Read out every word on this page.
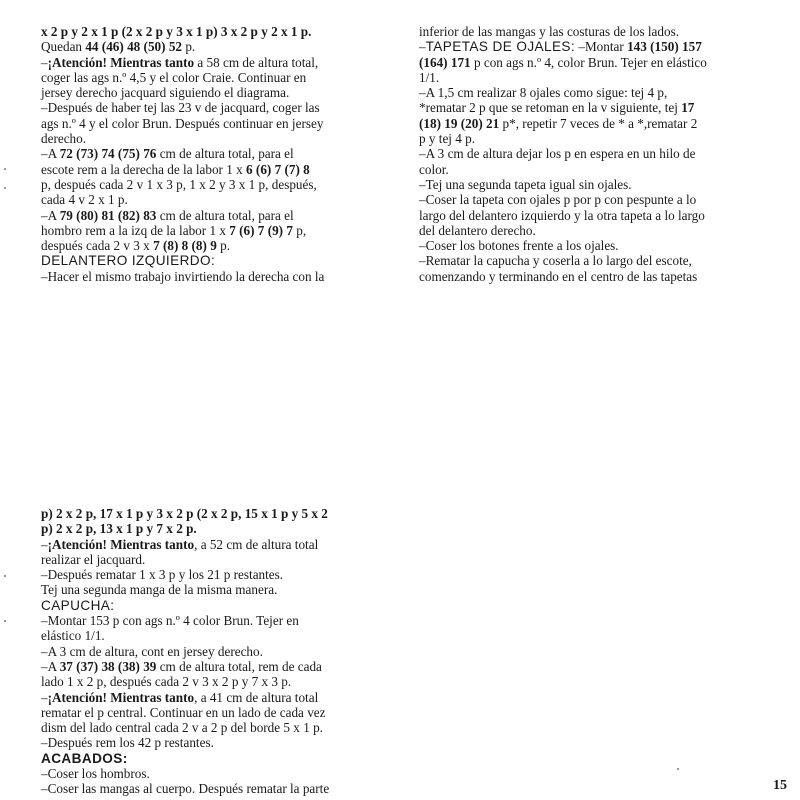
x 2 p y 2 x 1 p (2 x 2 p y 3 x 1 p) 3 x 2 p y 2 x 1 p.
Quedan 44 (46) 48 (50) 52 p.
–¡Atención! Mientras tanto a 58 cm de altura total,
coger las ags n.º 4,5 y el color Craie. Continuar en
jersey derecho jacquard siguiendo el diagrama.
–Después de haber tej las 23 v de jacquard, coger las
ags n.º 4 y el color Brun. Después continuar en jersey
derecho.
–A 72 (73) 74 (75) 76 cm de altura total, para el
escote rem a la derecha de la labor 1 x 6 (6) 7 (7) 8
p, después cada 2 v 1 x 3 p, 1 x 2 y 3 x 1 p, después,
cada 4 v 2 x 1 p.
–A 79 (80) 81 (82) 83 cm de altura total, para el
hombro rem a la izq de la labor 1 x 7 (6) 7 (9) 7 p,
después cada 2 v 3 x 7 (8) 8 (8) 9 p.
DELANTERO IZQUIERDO:
–Hacer el mismo trabajo invirtiendo la derecha con la
inferior de las mangas y las costuras de los lados.
–TAPETAS DE OJALES: –Montar 143 (150) 157
(164) 171 p con ags n.º 4, color Brun. Tejer en elástico
1/1.
–A 1,5 cm realizar 8 ojales como sigue: tej 4 p,
*rematar 2 p que se retoman en la v siguiente, tej 17
(18) 19 (20) 21 p*, repetir 7 veces de * a *,rematar 2
p y tej 4 p.
–A 3 cm de altura dejar los p en espera en un hilo de
color.
–Tej una segunda tapeta igual sin ojales.
–Coser la tapeta con ojales p por p con pespunte a lo
largo del delantero izquierdo y la otra tapeta a lo largo
del delantero derecho.
–Coser los botones frente a los ojales.
–Rematar la capucha y coserla a lo largo del escote,
comenzando y terminando en el centro de las tapetas
p) 2 x 2 p, 17 x 1 p y 3 x 2 p (2 x 2 p, 15 x 1 p y 5 x 2
p) 2 x 2 p, 13 x 1 p y 7 x 2 p.
–¡Atención! Mientras tanto, a 52 cm de altura total
realizar el jacquard.
–Después rematar 1 x 3 p y los 21 p restantes.
Tej una segunda manga de la misma manera.
CAPUCHA:
–Montar 153 p con ags n.º 4 color Brun. Tejer en
elástico 1/1.
–A 3 cm de altura, cont en jersey derecho.
–A 37 (37) 38 (38) 39 cm de altura total, rem de cada
lado 1 x 2 p, después cada 2 v 3 x 2 p y 7 x 3 p.
–¡Atención! Mientras tanto, a 41 cm de altura total
rematar el p central. Continuar en un lado de cada vez
dism del lado central cada 2 v a 2 p del borde 5 x 1 p.
–Después rem los 42 p restantes.
ACABADOS:
–Coser los hombros.
–Coser las mangas al cuerpo. Después rematar la parte	15
